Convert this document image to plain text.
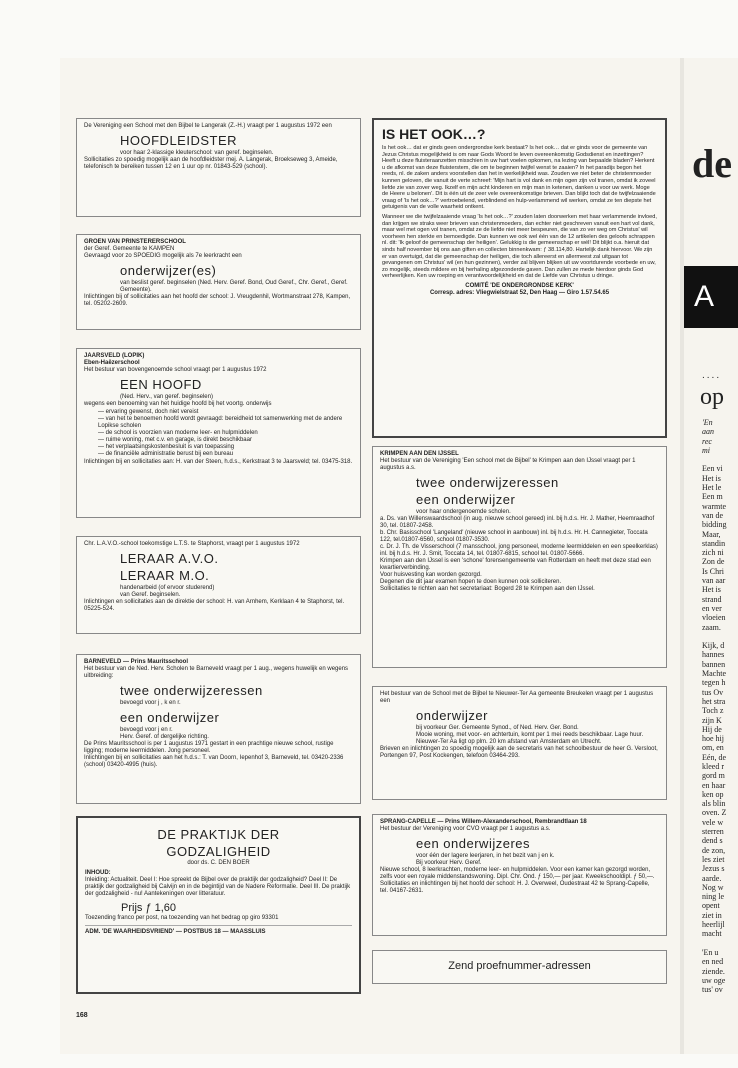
De Vereniging een School met den Bijbel te Langerak (Z.-H.) vraagt per 1 augustus 1972 een
HOOFDLEIDSTER
voor haar 2-klassige kleuterschool: van geref. beginselen.
Sollicitaties zo spoedig mogelijk aan de hoofdleidster mej. A. Langerak, Broekseweg 3, Ameide, telefonisch te bereiken tussen 12 en 1 uur op nr. 01843-529 (school).
GROEN VAN PRINSTERERSCHOOL
der Geref. Gemeente te KAMPEN
Gevraagd voor zo SPOEDIG mogelijk als 7e leerkracht een
onderwijzer(es)
van beslist geref. beginselen (Ned. Herv. Geref. Bond, Oud Geref., Chr. Geref., Geref. Gemeente).
Inlichtingen bij of sollicitaties aan het hoofd der school: J. Vreugdenhil, Wortmanstraat 278, Kampen, tel. 05202-2609.
JAARSVELD (LOPIK)
Eben-Haëzerschool
Het bestuur van bovengenoemde school vraagt per 1 augustus 1972
EEN HOOFD
(Ned. Herv., van geref. beginselen)
wegens een benoeming van het huidige hoofd bij het voortg. onderwijs
— ervaring gewenst, doch niet vereist
— van het te benoemen hoofd wordt gevraagd: bereidheid tot samenwerking met de andere Lopikse scholen
— de school is voorzien van moderne leer- en hulpmiddelen
— ruime woning, met c.v. en garage, is direkt beschikbaar
— het verplaatsingskostenbesluit is van toepassing
— de financiële administratie berust bij een bureau
Inlichtingen bij en sollicitaties aan: H. van der Steen, h.d.s., Kerkstraat 3 te Jaarsveld; tel. 03475-318.
Chr. L.A.V.O.-school toekomstige L.T.S. te Staphorst, vraagt per 1 augustus 1972
LERAAR A.V.O.
LERAAR M.O.
handenarbeid (of ervoor studerend)
van Geref. beginselen.
Inlichtingen en sollicitaties aan de direktie der school: H. van Arnhem, Kerklaan 4 te Staphorst, tel. 05225-524.
BARNEVELD — Prins Mauritsschool
Het bestuur van de Ned. Herv. Scholen te Barneveld vraagt per 1 aug., wegens huwelijk en wegens uitbreiding:
twee onderwijzeressen
bevoegd voor j , k en r.
een onderwijzer
bevoegd voor j en r.
Herv. Geref. of dergelijke richting.
De Prins Mauritsschool is per 1 augustus 1971 gestart in een prachtige nieuwe school, rustige ligging; moderne leermiddelen. Jong personeel.
Inlichtingen bij en sollicitaties aan het h.d.s.: T. van Doorn, Iepenhof 3, Barneveld, tel. 03420-2336 (school) 03420-4995 (huis).
DE PRAKTIJK DER
GODZALIGHEID
door ds. C. DEN BOER
INHOUD:
Inleiding: Actualiteit. Deel I: Hoe spreekt de Bijbel over de praktijk der godzaligheid? Deel II: De praktijk der godzaligheid bij Calvijn en in de begintijd van de Nadere Reformatie. Deel III. De praktijk der godzaligheid - nu! Aantekeningen over litteratuur.
Prijs ƒ 1,60
Toezending franco per post, na toezending van het bedrag op giro 93301
ADM. 'DE WAARHEIDSVRIEND' — POSTBUS 18 — MAASSLUIS
IS HET OOK…?
Is het ook… dat er ginds geen ondergrondse kerk bestaat? Is het ook… dat er ginds voor de gemeente van Jezus Christus mogelijkheid is om naar Gods Woord te leven overeenkomstig Godsdienst en inzettingen? Heeft u deze fluisteraanzetten misschien in uw hart voelen opkomen, na lezing van bepaalde bladen? Herkent u de afkomst van deze fluisterstem, die om te beginnen twijfel wenst te zaaien? In het paradijs begon het reeds, nl. de zaken anders voorstellen dan het in werkelijkheid was. Zouden we niet beter de christenmoeder kunnen geloven, die vanuit de verte schreef: 'Mijn hart is vol dank en mijn ogen zijn vol tranen, omdat ik zoveel liefde zie van zover weg. Ikzelf en mijn acht kinderen en mijn man in ketenen, danken u voor uw werk. Moge de Heere u belonen'. Dit is één uit de zeer vele overeenkomstige brieven. Dan blijkt toch dat de twijfelzaaiende vraag of 'Is het ook…?' vertroebelend, verblindend en hulp-verlammend wil werken, omdat ze ten diepste het getuigenis van de volle waarheid ontkent.
Wanneer we die twijfelzaaiende vraag 'Is het ook…?' zouden laten doorwerken met haar verlammende invloed, dan krijgen we straks weer brieven van christenmoeders, dan echter niet geschreven vanuit een hart vol dank, maar wel met ogen vol tranen, omdat ze de liefde niet meer bespeuren, die van zo ver weg om Christus' wil voorheen hen sterkte en bemoedigde. Dan kunnen we ook wel één van de 12 artikelen des geloofs schrappen nl. dit: 'Ik geloof de gemeenschap der heiligen'. Gelukkig is die gemeenschap er wél! Dit blijkt o.a. hieruit dat sinds half november bij ons aan giften en collecten binnenkwam: ƒ 38.114,80. Hartelijk dank hiervoor. We zijn er van overtuigd, dat die gemeenschap der heiligen, die toch allereerst en allermeest zal uitgaan tot gevangenen om Christus' wil (en hun gezinnen), verder zal blijven blijken uit uw voortdurende voorbede en uw, zo mogelijk, steeds mildere en bij herhaling afgezonderde gaven. Dan zullen ze mede hierdoor ginds God verheerlijken. Ken uw roeping en verantwoordelijkheid en dat de Liefde van Christus u dringe.
COMITÉ 'DE ONDERGRONDSE KERK'
Corresp. adres: Vliegwielstraat 52, Den Haag — Giro 1.57.54.65
KRIMPEN AAN DEN IJSSEL
Het bestuur van de Vereniging 'Een school met de Bijbel' te Krimpen aan den IJssel vraagt per 1 augustus a.s.
twee onderwijzeressen
een onderwijzer
voor haar ondergenoemde scholen.
a. Ds. van Willenswaardschool (in aug. nieuwe school gereed) inl. bij h.d.s. Hr. J. Mather, Heemraadhof 30, tel. 01807-2458.
b. Chr. Basisschool 'Langeland' (nieuwe school in aanbouw) inl. bij h.d.s. Hr. H. Cannegieter, Toccata 122, tel.01807-6560, school 01807-3530.
c. Dr. J. Th. de Visserschool (7 mansschool, jong personeel, moderne leermiddelen en een speelkerklas) inl. bij h.d.s. Hr. J. Smit, Toccata 14, tel. 01807-6815, school tel. 01807-5666.
Krimpen aan den IJssel is een 'schone' forensengemeente van Rotterdam en heeft met deze stad een kwartierverbinding.
Voor huisvesting kan worden gezorgd.
Degenen die dit jaar examen hopen te doen kunnen ook solliciteren.
Sollicitaties te richten aan het secretariaat: Bogerd 28 te Krimpen aan den IJssel.
Het bestuur van de School met de Bijbel te Nieuwer-Ter Aa gemeente Breukelen vraagt per 1 augustus een
onderwijzer
bij voorkeur Ger. Gemeente Synod., of Ned. Herv. Ger. Bond.
Mooie woning, met voor- en achtertuin, komt per 1 mei reeds beschikbaar. Lage huur. Nieuwer-Ter Aa ligt op plm. 20 km afstand van Amsterdam en Utrecht.
Brieven en inlichtingen zo spoedig mogelijk aan de secretaris van het schoolbestuur de heer G. Versloot, Portengen 97, Post Kockengen, telefoon 03464-293.
SPRANG-CAPELLE — Prins Willem-Alexanderschool, Rembrandtlaan 18
Het bestuur der Vereniging voor CVO vraagt per 1 augustus a.s.
een onderwijzeres
voor één der lagere leerjaren, in het bezit van j en k.
Bij voorkeur Herv. Geref.
Nieuwe school, 8 leerkrachten, moderne leer- en hulpmiddelen. Voor een kamer kan gezorgd worden, zelfs voor een royale middenstandswoning. Dipl. Chr. Ond. ƒ 150,— per jaar. Kweekschooldipl. ƒ 50,—.
Sollicitaties en inlichtingen bij het hoofd der school: H. J. Overweel, Oudestraat 42 te Sprang-Capelle, tel. 04167-2631.
Zend proefnummer-adressen
168
de
A
....
op
'En
aan
rec
mi
Een vi
Het is
Het le
Een m
warmte
van de
bidding
Maar,
standin
zich ni
Zon de
Is Chri
van aar
Het is
strand
en ver
vloeien
zaam.
Kijk, d
hannes
bannen
Machte
tegen h
tus Ov
het stra
Toch z
zijn K
Hij de
hoe hij
om, en
Eén, de
kleed r
gord m
en haar
ken op
als blin
oven. Z
vele w
sterren
dend s
de zon,
les ziet
Jezus s
aarde.
Nog w
ning le
opent
ziet in
heerlijl
macht
'En u
en ned
ziende.
uw oge
tus' ov
